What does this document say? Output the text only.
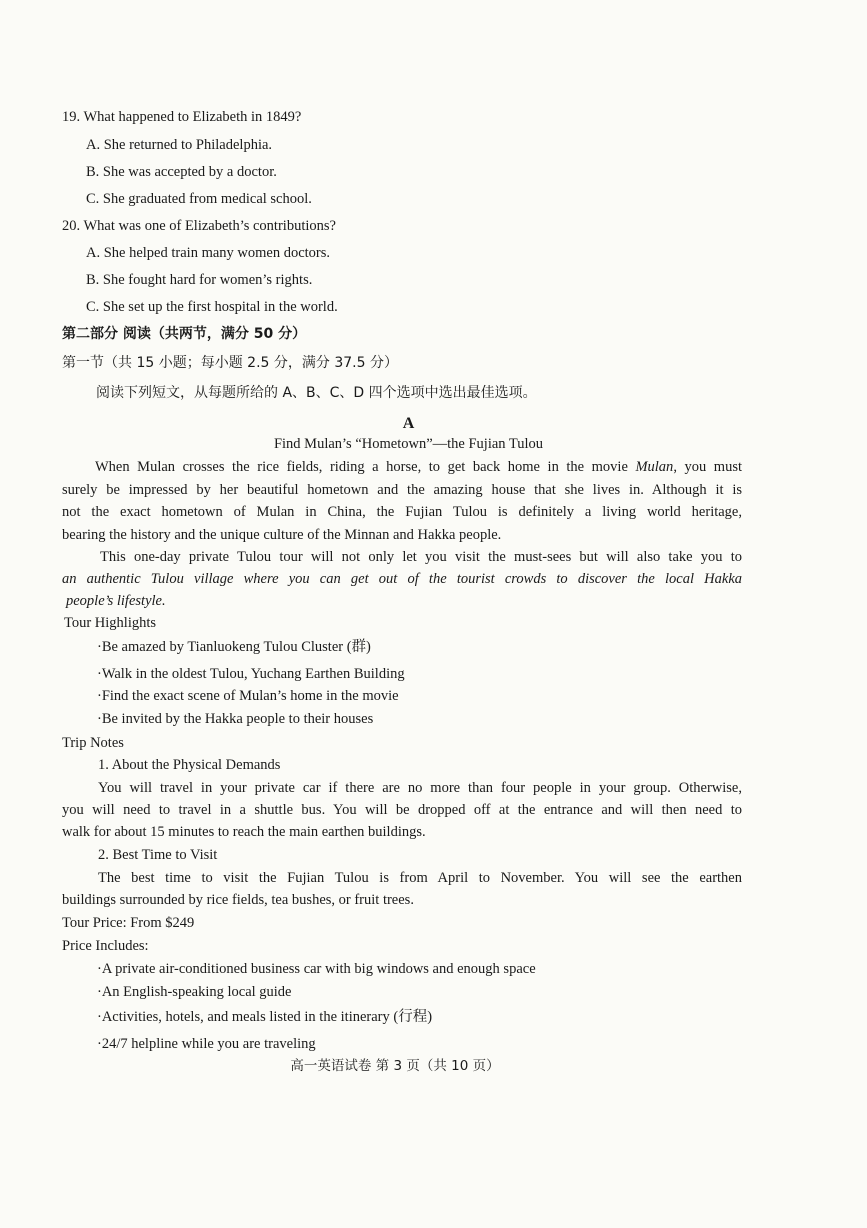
19. What happened to Elizabeth in 1849?
A. She returned to Philadelphia.
B. She was accepted by a doctor.
C. She graduated from medical school.
20. What was one of Elizabeth’s contributions?
A. She helped train many women doctors.
B. She fought hard for women’s rights.
C. She set up the first hospital in the world.
第二部分 阅读（共两节，满分 50 分）
第一节（共 15 小题；每小题 2.5 分，满分 37.5 分）
阅读下列短文，从每题所给的 A、B、C、D 四个选项中选出最佳选项。
A
Find Mulan’s “Hometown”—the Fujian Tulou
When Mulan crosses the rice fields, riding a horse, to get back home in the movie Mulan, you must
surely be impressed by her beautiful hometown and the amazing house that she lives in. Although it is
not the exact hometown of Mulan in China, the Fujian Tulou is definitely a living world heritage,
bearing the history and the unique culture of the Minnan and Hakka people.
This one-day private Tulou tour will not only let you visit the must-sees but will also take you to
an authentic Tulou village where you can get out of the tourist crowds to discover the local Hakka
people’s lifestyle.
Tour Highlights
·Be amazed by Tianluokeng Tulou Cluster (群)
·Walk in the oldest Tulou, Yuchang Earthen Building
·Find the exact scene of Mulan’s home in the movie
·Be invited by the Hakka people to their houses
Trip Notes
1. About the Physical Demands
You will travel in your private car if there are no more than four people in your group. Otherwise,
you will need to travel in a shuttle bus. You will be dropped off at the entrance and will then need to
walk for about 15 minutes to reach the main earthen buildings.
2. Best Time to Visit
The best time to visit the Fujian Tulou is from April to November. You will see the earthen
buildings surrounded by rice fields, tea bushes, or fruit trees.
Tour Price: From $249
Price Includes:
·A private air-conditioned business car with big windows and enough space
·An English-speaking local guide
·Activities, hotels, and meals listed in the itinerary (行程)
·24/7 helpline while you are traveling
高一英语试卷 第 3 页（共 10 页）
